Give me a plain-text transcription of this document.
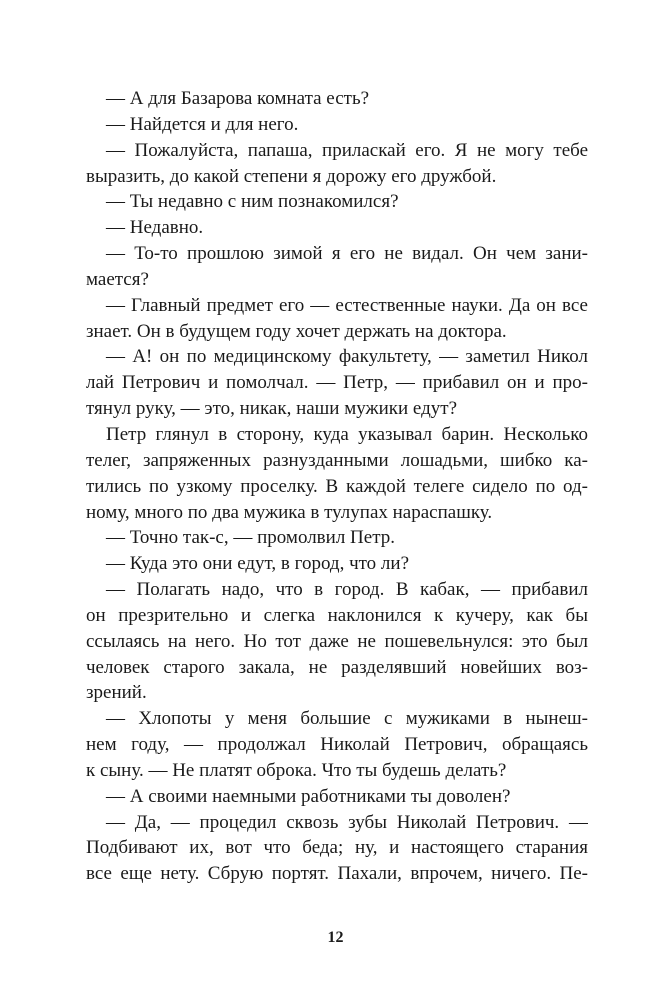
— А для Базарова комната есть?
— Найдется и для него.
— Пожалуйста, папаша, приласкай его. Я не могу тебе
выразить, до какой степени я дорожу его дружбой.
— Ты недавно с ним познакомился?
— Недавно.
— То-то прошлою зимой я его не видал. Он чем зани-
мается?
— Главный предмет его — естественные науки. Да он все
знает. Он в будущем году хочет держать на доктора.
— А! он по медицинскому факультету, — заметил Никол
лай Петрович и помолчал. — Петр, — прибавил он и про-
тянул руку, — это, никак, наши мужики едут?
Петр глянул в сторону, куда указывал барин. Несколько
телег, запряженных разнузданными лошадьми, шибко ка-
тились по узкому проселку. В каждой телеге сидело по од-
ному, много по два мужика в тулупах нараспашку.
— Точно так-с, — промолвил Петр.
— Куда это они едут, в город, что ли?
— Полагать надо, что в город. В кабак, — прибавил
он презрительно и слегка наклонился к кучеру, как бы
ссылаясь на него. Но тот даже не пошевельнулся: это был
человек старого закала, не разделявший новейших воз-
зрений.
— Хлопоты у меня большие с мужиками в нынеш-
нем году, — продолжал Николай Петрович, обращаясь
к сыну. — Не платят оброка. Что ты будешь делать?
— А своими наемными работниками ты доволен?
— Да, — процедил сквозь зубы Николай Петрович. —
Подбивают их, вот что беда; ну, и настоящего старания
все еще нету. Сбрую портят. Пахали, впрочем, ничего. Пе-
12
